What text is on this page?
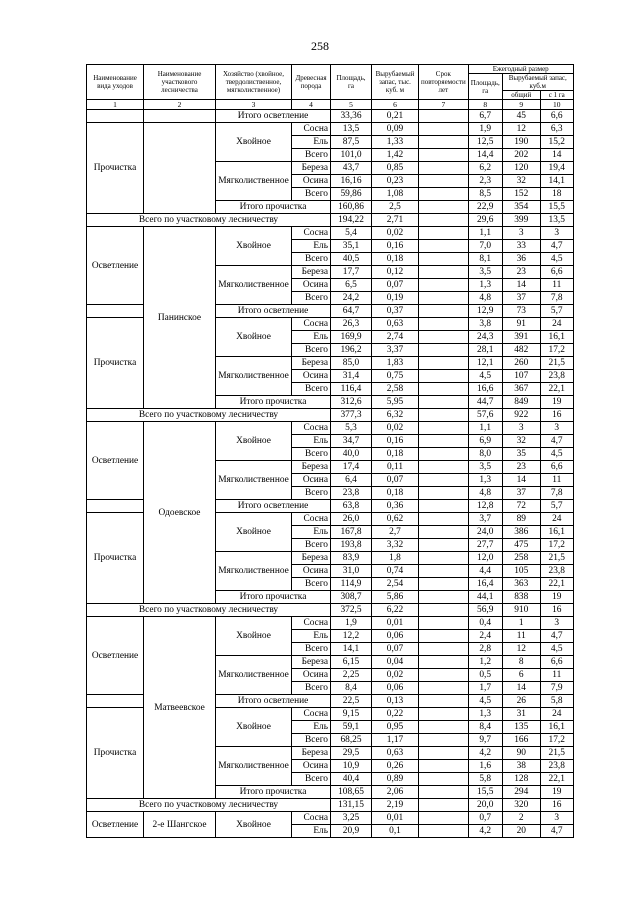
258
Наименование вида уходов	Наименование участкового лесничества	Хозяйство (хвойное, твердолиственное, мягколиственное)	Древесная порода	Площадь, га	Вырубаемый запас, тыс. куб. м	Срок повторяемости лет	Ежегодный размер		
							Площадь, га	Вырубаемый запас, куб.м	
								общий	с 1 га
1	2	3	4	5	6	7	8	9	10
		Итого осветление		33,36	0,21		6,7	45	6,6
Прочистка		Хвойное	Сосна	13,5	0,09		1,9	12	6,3
			Ель	87,5	1,33		12,5	190	15,2
			Всего	101,0	1,42		14,4	202	14
		Мягколиственное	Береза	43,7	0,85		6,2	120	19,4
			Осина	16,16	0,23		2,3	32	14,1
			Всего	59,86	1,08		8,5	152	18
		Итого прочистка		160,86	2,5		22,9	354	15,5
Всего по участковому лесничеству				194,22	2,71		29,6	399	13,5
Осветление	Панинское	Хвойное	Сосна	5,4	0,02		1,1	3	3
			Ель	35,1	0,16		7,0	33	4,7
			Всего	40,5	0,18		8,1	36	4,5
		Мягколиственное	Береза	17,7	0,12		3,5	23	6,6
			Осина	6,5	0,07		1,3	14	11
			Всего	24,2	0,19		4,8	37	7,8
		Итого осветление		64,7	0,37		12,9	73	5,7
Прочистка		Хвойное	Сосна	26,3	0,63		3,8	91	24
			Ель	169,9	2,74		24,3	391	16,1
			Всего	196,2	3,37		28,1	482	17,2
		Мягколиственное	Береза	85,0	1,83		12,1	260	21,5
			Осина	31,4	0,75		4,5	107	23,8
			Всего	116,4	2,58		16,6	367	22,1
		Итого прочистка		312,6	5,95		44,7	849	19
Всего по участковому лесничеству				377,3	6,32		57,6	922	16
Осветление	Одоевское	Хвойное	Сосна	5,3	0,02		1,1	3	3
			Ель	34,7	0,16		6,9	32	4,7
			Всего	40,0	0,18		8,0	35	4,5
		Мягколиственное	Береза	17,4	0,11		3,5	23	6,6
			Осина	6,4	0,07		1,3	14	11
			Всего	23,8	0,18		4,8	37	7,8
		Итого осветление		63,8	0,36		12,8	72	5,7
Прочистка		Хвойное	Сосна	26,0	0,62		3,7	89	24
			Ель	167,8	2,7		24,0	386	16,1
			Всего	193,8	3,32		27,7	475	17,2
		Мягколиственное	Береза	83,9	1,8		12,0	258	21,5
			Осина	31,0	0,74		4,4	105	23,8
			Всего	114,9	2,54		16,4	363	22,1
		Итого прочистка		308,7	5,86		44,1	838	19
Всего по участковому лесничеству				372,5	6,22		56,9	910	16
Осветление	Матвеевское	Хвойное	Сосна	1,9	0,01		0,4	1	3
			Ель	12,2	0,06		2,4	11	4,7
			Всего	14,1	0,07		2,8	12	4,5
		Мягколиственное	Береза	6,15	0,04		1,2	8	6,6
			Осина	2,25	0,02		0,5	6	11
			Всего	8,4	0,06		1,7	14	7,9
		Итого осветление		22,5	0,13		4,5	26	5,8
Прочистка		Хвойное	Сосна	9,15	0,22		1,3	31	24
			Ель	59,1	0,95		8,4	135	16,1
			Всего	68,25	1,17		9,7	166	17,2
		Мягколиственное	Береза	29,5	0,63		4,2	90	21,5
			Осина	10,9	0,26		1,6	38	23,8
			Всего	40,4	0,89		5,8	128	22,1
		Итого прочистка		108,65	2,06		15,5	294	19
Всего по участковому лесничеству				131,15	2,19		20,0	320	16
Осветление	2-е Шангское	Хвойное	Сосна	3,25	0,01		0,7	2	3
			Ель	20,9	0,1		4,2	20	4,7
